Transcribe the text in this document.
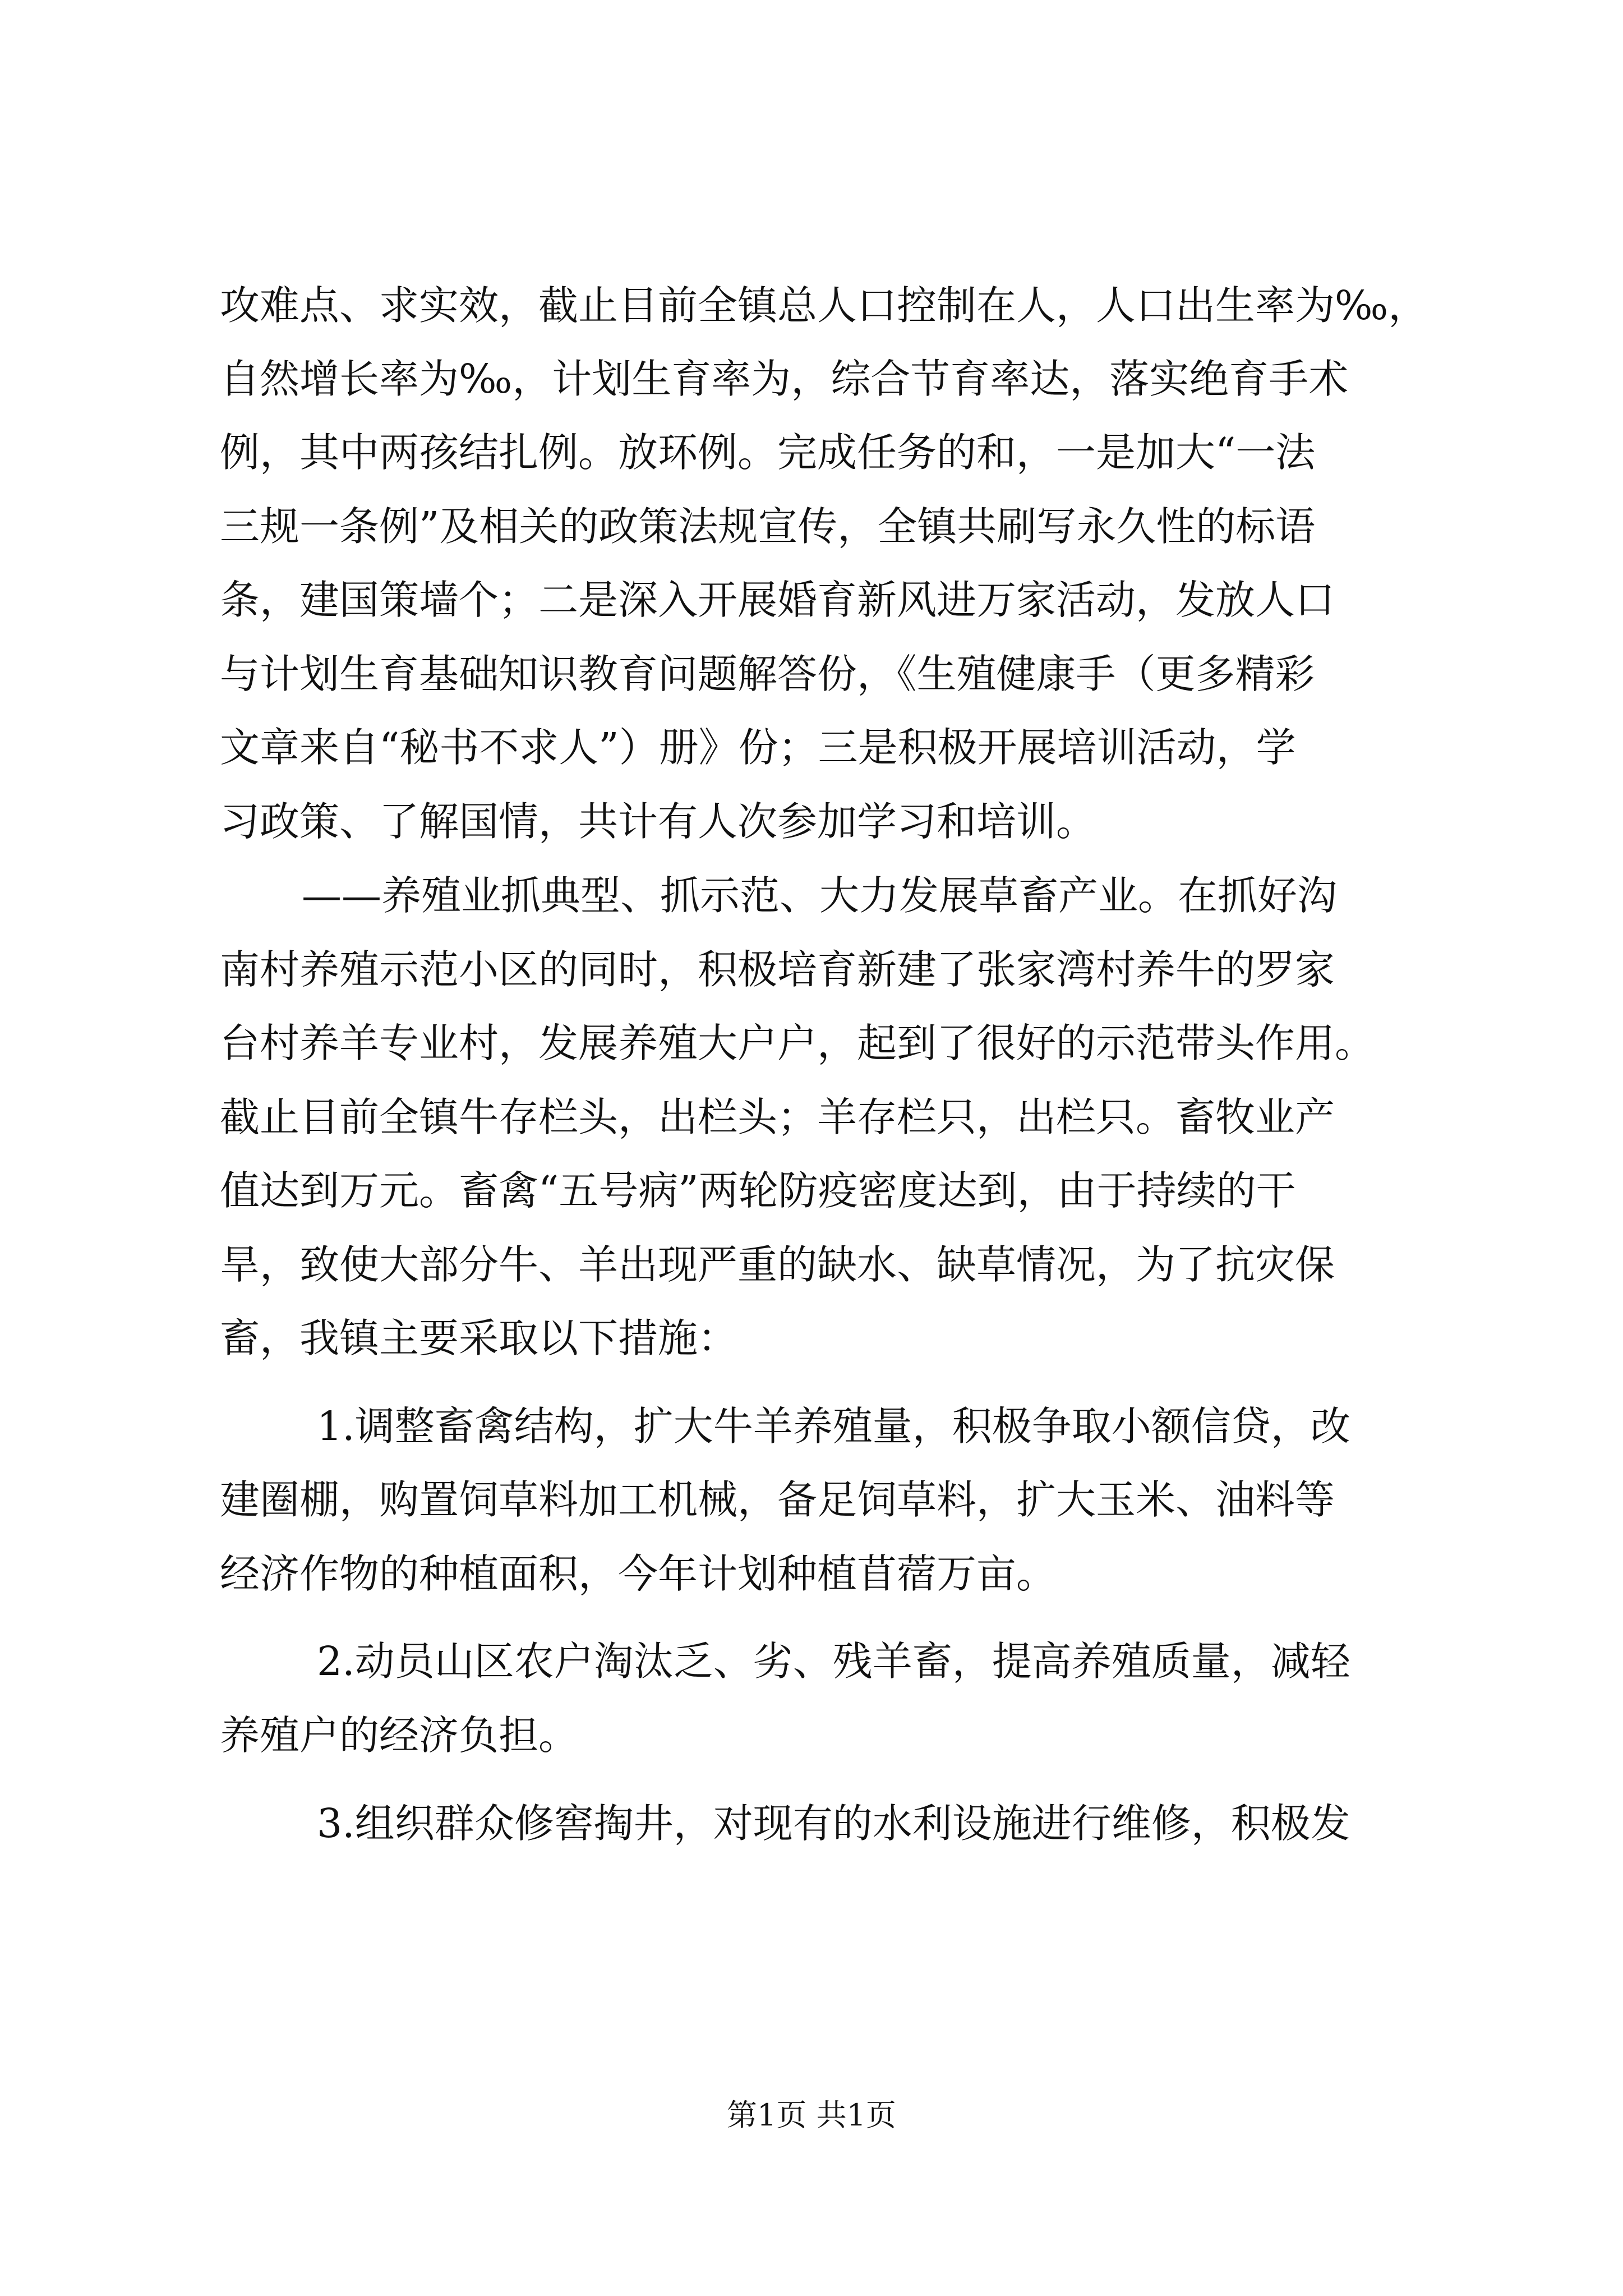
攻难点、求实效，截止目前全镇总人口控制在人，人口出生率为‰，
自然增长率为‰，计划生育率为，综合节育率达，落实绝育手术
例，其中两孩结扎例。放环例。完成任务的和，一是加大“一法
三规一条例”及相关的政策法规宣传，全镇共刷写永久性的标语
条，建国策墙个；二是深入开展婚育新风进万家活动，发放人口
与计划生育基础知识教育问题解答份，《生殖健康手（更多精彩
文章来自“秘书不求人”）册》份；三是积极开展培训活动，学
习政策、了解国情，共计有人次参加学习和培训。
——养殖业抓典型、抓示范、大力发展草畜产业。在抓好沟
南村养殖示范小区的同时，积极培育新建了张家湾村养牛的罗家
台村养羊专业村，发展养殖大户户，起到了很好的示范带头作用。
截止目前全镇牛存栏头，出栏头；羊存栏只，出栏只。畜牧业产
值达到万元。畜禽“五号病”两轮防疫密度达到，由于持续的干
旱，致使大部分牛、羊出现严重的缺水、缺草情况，为了抗灾保
畜，我镇主要采取以下措施：
1.调整畜禽结构，扩大牛羊养殖量，积极争取小额信贷，改
建圈棚，购置饲草料加工机械，备足饲草料，扩大玉米、油料等
经济作物的种植面积，今年计划种植苜蓿万亩。
2.动员山区农户淘汰乏、劣、残羊畜，提高养殖质量，减轻
养殖户的经济负担。
3.组织群众修窖掏井，对现有的水利设施进行维修，积极发
第1页 共1页
